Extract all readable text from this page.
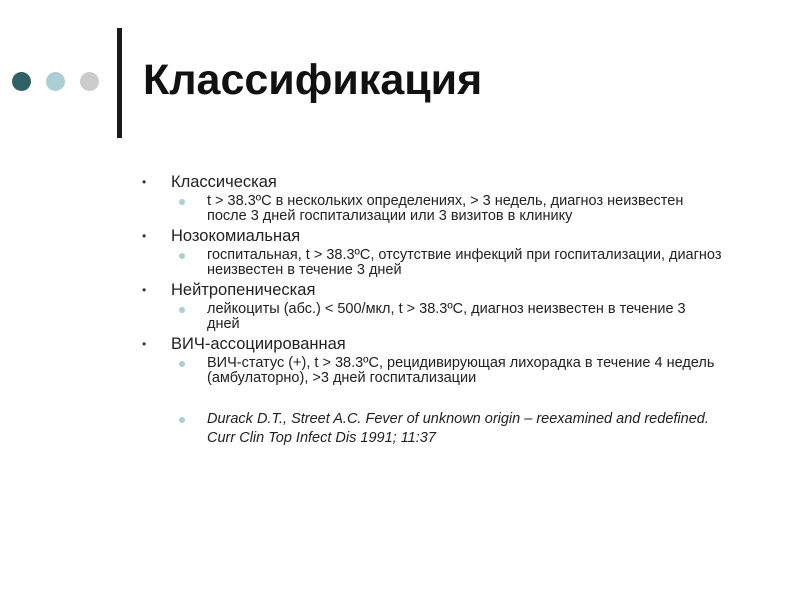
Классификация
• Классическая
t > 38.3ºC в нескольких определениях, > 3 недель, диагноз неизвестен после 3 дней госпитализации или 3 визитов в клинику
• Нозокомиальная
госпитальная, t > 38.3ºC, отсутствие инфекций при госпитализации, диагноз неизвестен в течение 3 дней
• Нейтропеническая
лейкоциты (абс.) < 500/мкл, t > 38.3ºC, диагноз неизвестен в течение 3 дней
• ВИЧ-ассоциированная
ВИЧ-статус (+), t > 38.3ºC, рецидивирующая лихорадка в течение 4 недель (амбулаторно), >3 дней госпитализации
Durack D.T., Street A.C. Fever of unknown origin – reexamined and redefined. Curr Clin Top Infect Dis 1991; 11:37
